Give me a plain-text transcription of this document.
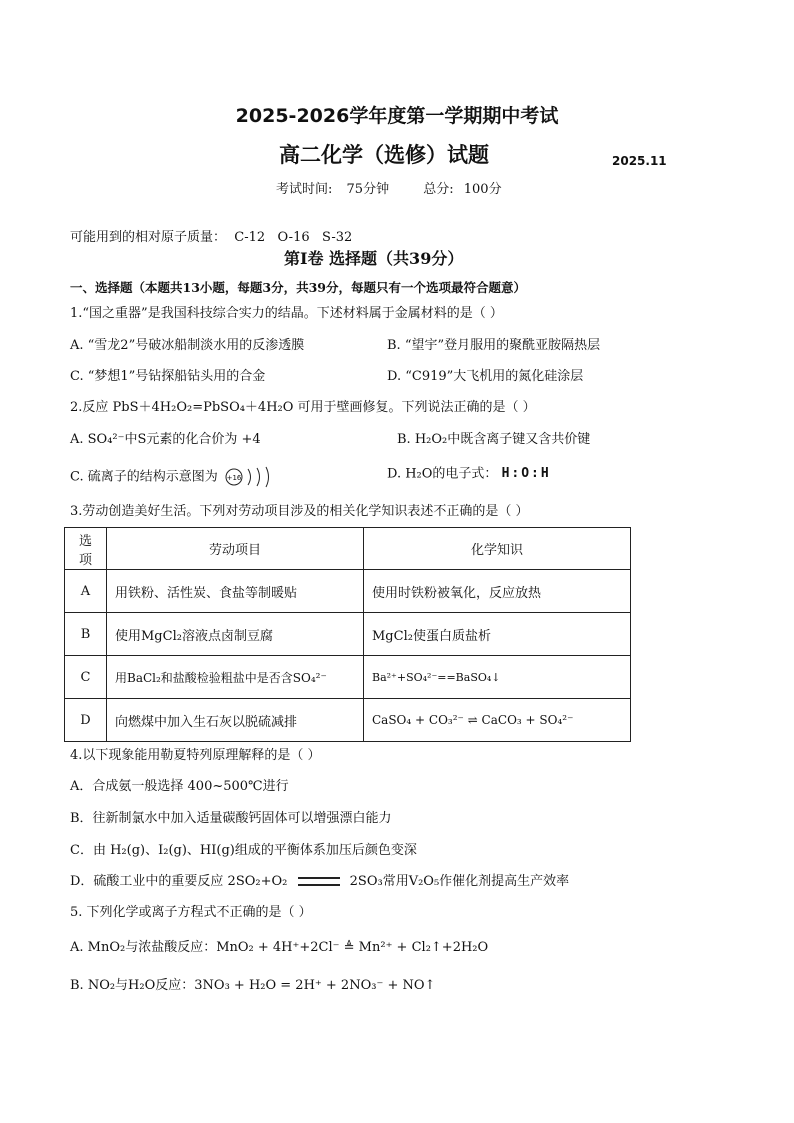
2025-2026学年度第一学期期中考试
高二化学（选修）试题	2025.11
考试时间: 75分钟	总分: 100分
可能用到的相对原子质量：  C-12   O-16   S-32
第Ⅰ卷 选择题（共39分）
一、选择题（本题共13小题，每题3分，共39分，每题只有一个选项最符合题意）
1.“国之重器”是我国科技综合实力的结晶。下述材料属于金属材料的是（ ）
A. “雪龙2”号破冰船制淡水用的反渗透膜	B. “望宇”登月服用的聚酰亚胺隔热层
C. “梦想1”号钻探船钻头用的合金	D. “C919”大飞机用的氮化硅涂层
2.反应 PbS＋4H₂O₂=PbSO₄＋4H₂O 可用于壁画修复。下列说法正确的是（ ）
A. SO₄²⁻中S元素的化合价为 +4	B. H₂O₂中既含离子键又含共价键
C. 硫离子的结构示意图为 +16	D. H₂O的电子式： H:O:H
3.劳动创造美好生活。下列对劳动项目涉及的相关化学知识表述不正确的是（ ）
选项	劳动项目	化学知识
A	用铁粉、活性炭、食盐等制暖贴	使用时铁粉被氧化，反应放热
B	使用MgCl₂溶液点卤制豆腐	MgCl₂使蛋白质盐析
C	用BaCl₂和盐酸检验粗盐中是否含SO₄²⁻	Ba²⁺+SO₄²⁻==BaSO₄↓
D	向燃煤中加入生石灰以脱硫减排	CaSO₄ + CO₃²⁻ ⇌ CaCO₃ + SO₄²⁻
4.以下现象能用勒夏特列原理解释的是（ ）
A．合成氨一般选择 400~500℃进行
B．往新制氯水中加入适量碳酸钙固体可以增强漂白能力
C．由 H₂(g)、I₂(g)、HI(g)组成的平衡体系加压后颜色变深
D．硫酸工业中的重要反应 2SO₂+O₂	2SO₃常用V₂O₅作催化剂提高生产效率
5. 下列化学或离子方程式不正确的是（ ）
A. MnO₂与浓盐酸反应：MnO₂ + 4H⁺+2Cl⁻ ≜ Mn²⁺ + Cl₂↑+2H₂O
B. NO₂与H₂O反应：3NO₃ + H₂O = 2H⁺ + 2NO₃⁻ + NO↑
